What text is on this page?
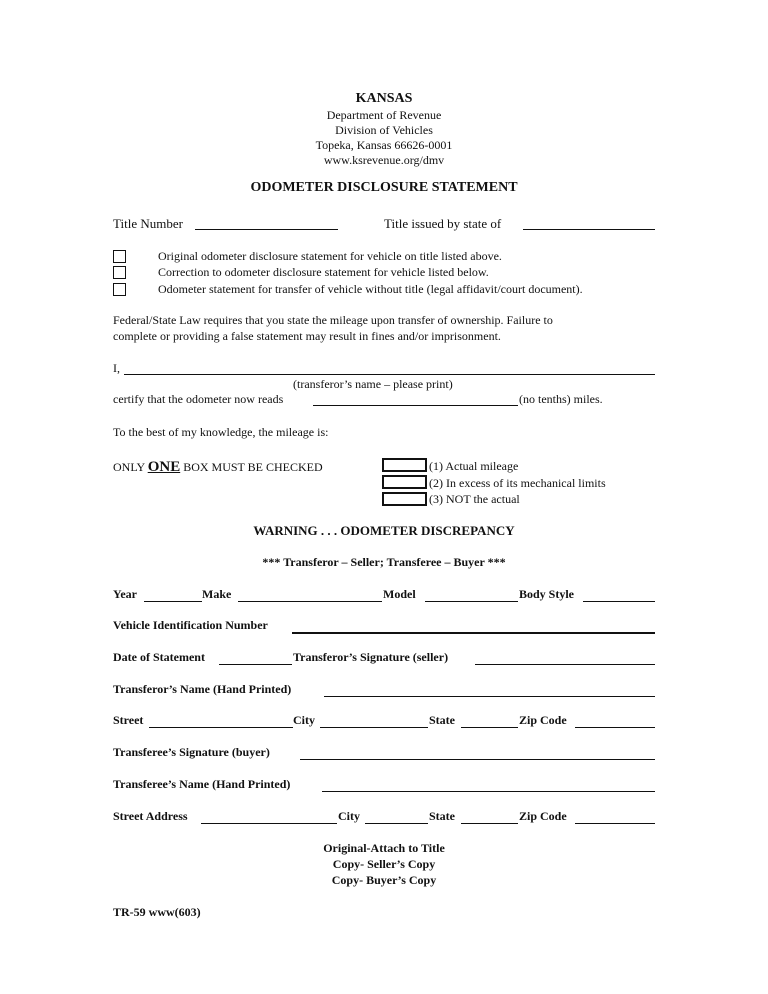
KANSAS
Department of Revenue
Division of Vehicles
Topeka, Kansas 66626-0001
www.ksrevenue.org/dmv
ODOMETER DISCLOSURE STATEMENT
Title Number	Title issued by state of
Original odometer disclosure statement for vehicle on title listed above.
Correction to odometer disclosure statement for vehicle listed below.
Odometer statement for transfer of vehicle without title (legal affidavit/court document).
Federal/State Law requires that you state the mileage upon transfer of ownership. Failure to
complete or providing a false statement may result in fines and/or imprisonment.
I,
(transferor’s name – please print)
certify that the odometer now reads	(no tenths) miles.
To the best of my knowledge, the mileage is:
ONLY ONE BOX MUST BE CHECKED	(1) Actual mileage
(2) In excess of its mechanical limits
(3) NOT the actual
WARNING . . . ODOMETER DISCREPANCY
*** Transferor – Seller; Transferee – Buyer ***
Year	Make	Model	Body Style
Vehicle Identification Number
Date of Statement	Transferor’s Signature (seller)
Transferor’s Name (Hand Printed)
Street	City	State	Zip Code
Transferee’s Signature (buyer)
Transferee’s Name (Hand Printed)
Street Address	City	State	Zip Code
Original-Attach to Title
Copy- Seller’s Copy
Copy- Buyer’s Copy
TR-59 www(603)
